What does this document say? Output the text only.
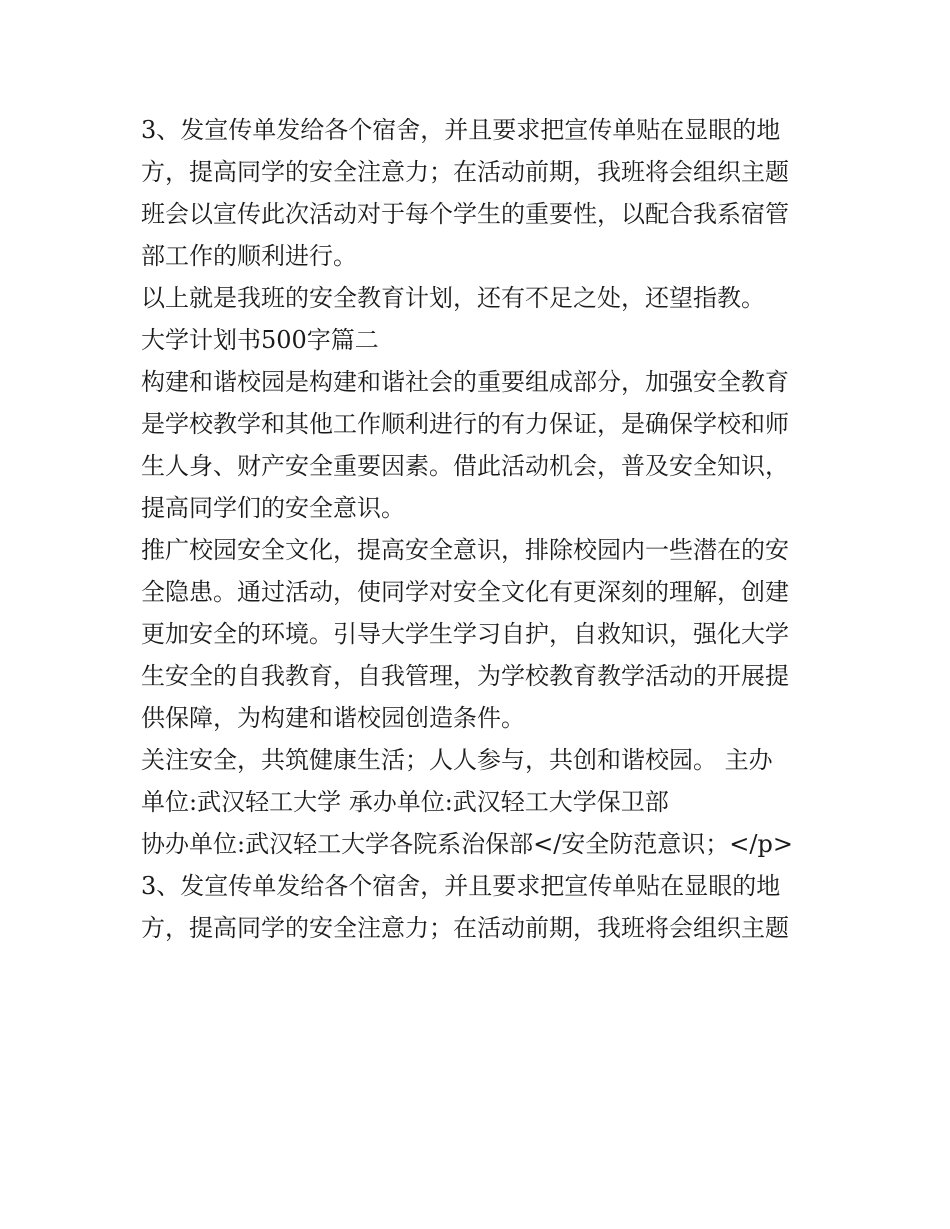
3、发宣传单发给各个宿舍，并且要求把宣传单贴在显眼的地
方，提高同学的安全注意力；在活动前期，我班将会组织主题
班会以宣传此次活动对于每个学生的重要性，以配合我系宿管
部工作的顺利进行。

以上就是我班的安全教育计划，还有不足之处，还望指教。

大学计划书500字篇二

构建和谐校园是构建和谐社会的重要组成部分，加强安全教育
是学校教学和其他工作顺利进行的有力保证，是确保学校和师
生人身、财产安全重要因素。借此活动机会，普及安全知识，
提高同学们的安全意识。

推广校园安全文化，提高安全意识，排除校园内一些潜在的安
全隐患。通过活动，使同学对安全文化有更深刻的理解，创建
更加安全的环境。引导大学生学习自护，自救知识，强化大学
生安全的自我教育，自我管理，为学校教育教学活动的开展提
供保障，为构建和谐校园创造条件。

关注安全，共筑健康生活；人人参与，共创和谐校园。 主办
单位:武汉轻工大学 承办单位:武汉轻工大学保卫部

协办单位:武汉轻工大学各院系治保部</安全防范意识；</p>

3、发宣传单发给各个宿舍，并且要求把宣传单贴在显眼的地
方，提高同学的安全注意力；在活动前期，我班将会组织主题
